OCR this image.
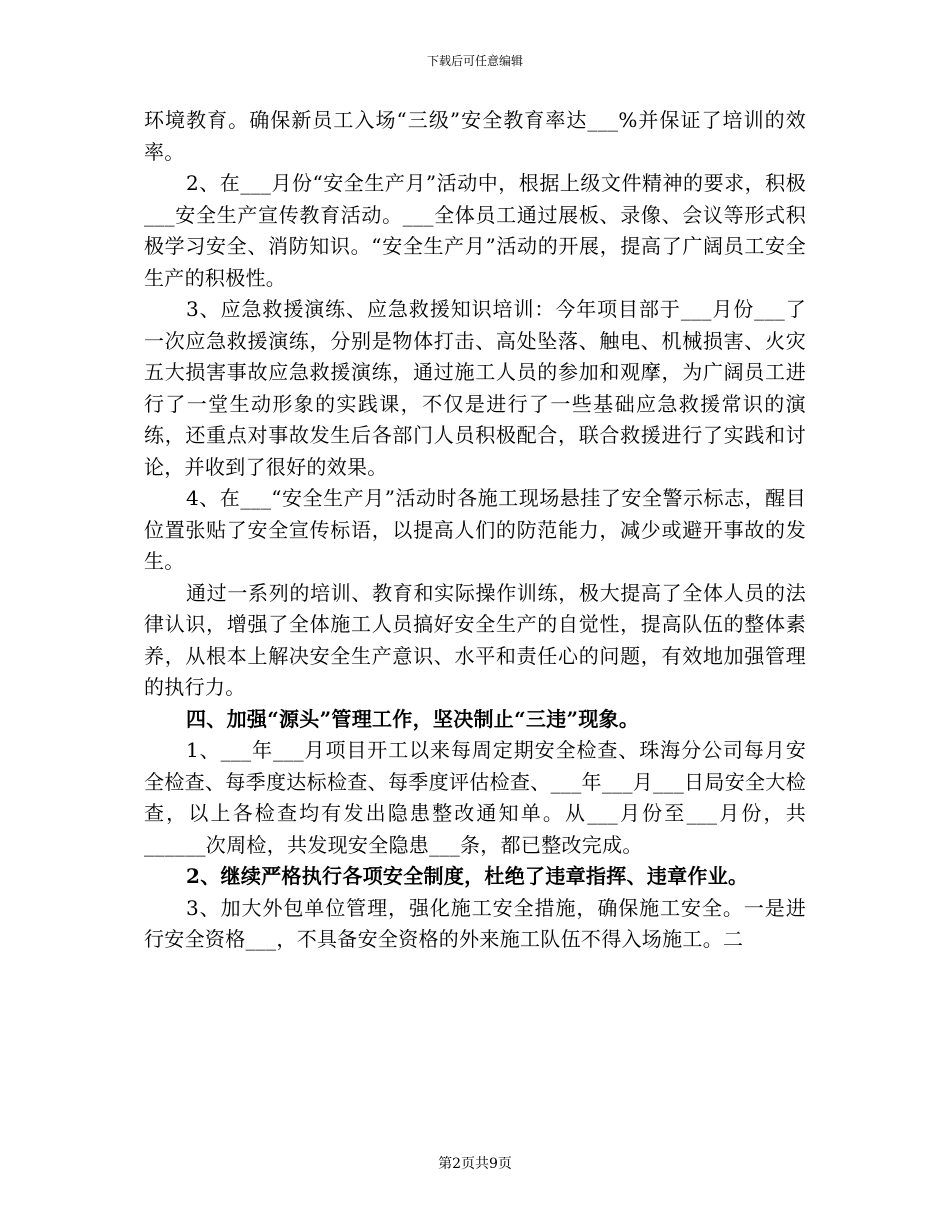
下载后可任意编辑

环境教育。确保新员工入场“三级”安全教育率达___%并保证了培训的效率。

2、在___月份“安全生产月”活动中，根据上级文件精神的要求，积极___安全生产宣传教育活动。___全体员工通过展板、录像、会议等形式积极学习安全、消防知识。“安全生产月”活动的开展，提高了广阔员工安全生产的积极性。

3、应急救援演练、应急救援知识培训：今年项目部于___月份___了一次应急救援演练，分别是物体打击、高处坠落、触电、机械损害、火灾五大损害事故应急救援演练，通过施工人员的参加和观摩，为广阔员工进行了一堂生动形象的实践课，不仅是进行了一些基础应急救援常识的演练，还重点对事故发生后各部门人员积极配合，联合救援进行了实践和讨论，并收到了很好的效果。

4、在___“安全生产月”活动时各施工现场悬挂了安全警示标志，醒目位置张贴了安全宣传标语，以提高人们的防范能力，减少或避开事故的发生。

通过一系列的培训、教育和实际操作训练，极大提高了全体人员的法律认识，增强了全体施工人员搞好安全生产的自觉性，提高队伍的整体素养，从根本上解决安全生产意识、水平和责任心的问题，有效地加强管理的执行力。

四、加强“源头”管理工作，坚决制止“三违”现象。

1、___年___月项目开工以来每周定期安全检查、珠海分公司每月安全检查、每季度达标检查、每季度评估检查、___年___月___日局安全大检查，以上各检查均有发出隐患整改通知单。从___月份至___月份，共______次周检，共发现安全隐患___条，都已整改完成。

2、继续严格执行各项安全制度，杜绝了违章指挥、违章作业。

3、加大外包单位管理，强化施工安全措施，确保施工安全。一是进行安全资格___，不具备安全资格的外来施工队伍不得入场施工。二

第2页共9页
